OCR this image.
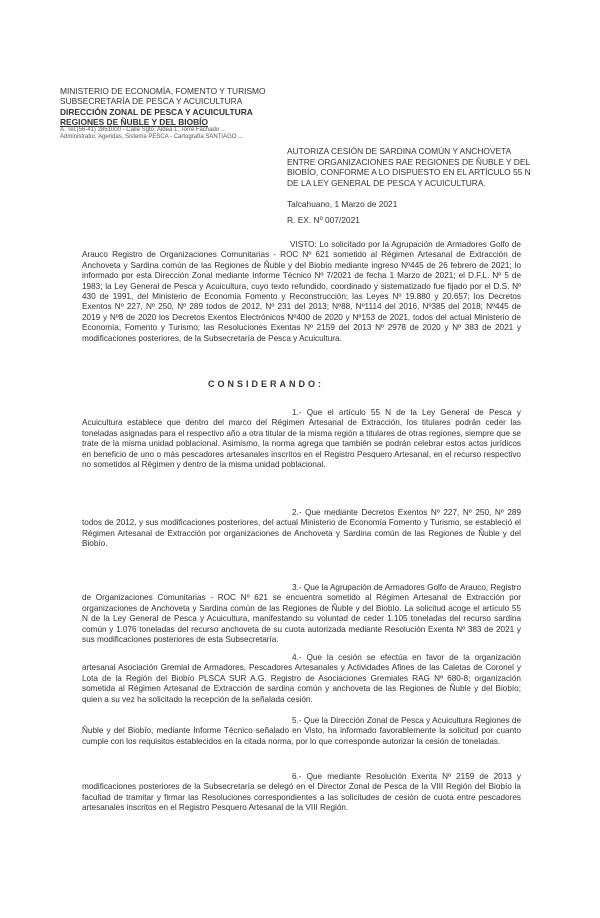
MINISTERIO DE ECONOMÍA, FOMENTO Y TURISMO
SUBSECRETARÍA DE PESCA Y ACUICULTURA
DIRECCIÓN ZONAL DE PESCA Y ACUICULTURA
REGIONES DE ÑUBLE Y DEL BIOBÍO
A. Tel.(56-41) 2851000 - Calle Sgto. Aldea 1, Torre Fachado ...
Administrator, Agendas, Sistema PESCA - Cartografía SANTIAGO ...
AUTORIZA CESIÓN DE SARDINA COMÚN Y ANCHOVETA ENTRE ORGANIZACIONES RAE REGIONES DE ÑUBLE Y DEL BIOBÍO, CONFORME A LO DISPUESTO EN EL ARTÍCULO 55 N DE LA LEY GENERAL DE PESCA Y ACUICULTURA.
Talcahuano, 1 Marzo de 2021
R. EX. Nº 007/2021
VISTO: Lo solicitado por la Agrupación de Armadores Golfo de Arauco Registro de Organizaciones Comunitarias - ROC Nº 621 sometido al Régimen Artesanal de Extracción de Anchoveta y Sardina común de las Regiones de Ñuble y del Biobío mediante ingreso Nº445 de 26 febrero de 2021; lo informado por esta Dirección Zonal mediante Informe Técnico Nº 7/2021 de fecha 1 Marzo de 2021; el D.F.L. Nº 5 de 1983; la Ley General de Pesca y Acuicultura, cuyo texto refundido, coordinado y sistematizado fue fijado por el D.S. Nº 430 de 1991, del Ministerio de Economía Fomento y Reconstrucción; las Leyes Nº 19.880 y 20.657; los Decretos Exentos Nº 227, Nº 250, Nº 289 todos de 2012, Nº 231 del 2013; Nº88, Nº1114 del 2016, Nº385 del 2018; Nº445 de 2019 y Nº8 de 2020 los Decretos Exentos Electrónicos Nº400 de 2020 y Nº153 de 2021, todos del actual Ministerio de Economía, Fomento y Turismo; las Resoluciones Exentas Nº 2159 del 2013 Nº 2978 de 2020 y Nº 383 de 2021 y modificaciones posteriores, de la Subsecretaría de Pesca y Acuicultura.
CONSIDERANDO:
1.- Que el artículo 55 N de la Ley General de Pesca y Acuicultura establece que dentro del marco del Régimen Artesanal de Extracción, los titulares podrán ceder las toneladas asignadas para el respectivo año a otra titular de la misma región a titulares de otras regiones, siempre que se trate de la misma unidad poblacional. Asimismo, la norma agrega que también se podrán celebrar estos actos jurídicos en beneficio de uno o más pescadores artesanales inscritos en el Registro Pesquero Artesanal, en el recurso respectivo no sometidos al Régimen y dentro de la misma unidad poblacional.
2.- Que mediante Decretos Exentos Nº 227, Nº 250, Nº 289 todos de 2012, y sus modificaciones posteriores, del actual Ministerio de Economía Fomento y Turismo, se estableció el Régimen Artesanal de Extracción por organizaciones de Anchoveta y Sardina común de las Regiones de Ñuble y del Biobío.
3.- Que la Agrupación de Armadores Golfo de Arauco, Registro de Organizaciones Comunitarias - ROC Nº 621 se encuentra sometido al Régimen Artesanal de Extracción por organizaciones de Anchoveta y Sardina común de las Regiones de Ñuble y del Biobío. La solicitud acoge el artículo 55 N de la Ley General de Pesca y Acuicultura, manifestando su voluntad de ceder 1.105 toneladas del recurso sardina común y 1.076 toneladas del recurso anchoveta de su cuota autorizada mediante Resolución Exenta Nº 383 de 2021 y sus modificaciones posteriores de esta Subsecretaría.
4.- Que la cesión se efectúa en favor de la organización artesanal Asociación Gremial de Armadores, Pescadores Artesanales y Actividades Afines de las Caletas de Coronel y Lota de la Región del Biobío PLSCA SUR A.G. Registro de Asociaciones Gremiales RAG Nº 680-8; organización sometida al Régimen Artesanal de Extracción de sardina común y anchoveta de las Regiones de Ñuble y del Biobío; quien a su vez ha solicitado la recepción de la señalada cesión.
5.- Que la Dirección Zonal de Pesca y Acuicultura Regiones de Ñuble y del Biobío, mediante Informe Técnico señalado en Visto, ha informado favorablemente la solicitud por cuanto cumple con los requisitos establecidos en la citada norma, por lo que corresponde autorizar la cesión de toneladas.
6.- Que mediante Resolución Exenta Nº 2159 de 2013 y modificaciones posteriores de la Subsecretaría se delegó en el Director Zonal de Pesca de la VIII Región del Biobío la facultad de tramitar y firmar las Resoluciones correspondientes a las solicitudes de cesión de cuota entre pescadores artesanales inscritos en el Registro Pesquero Artesanal de la VIII Región.
